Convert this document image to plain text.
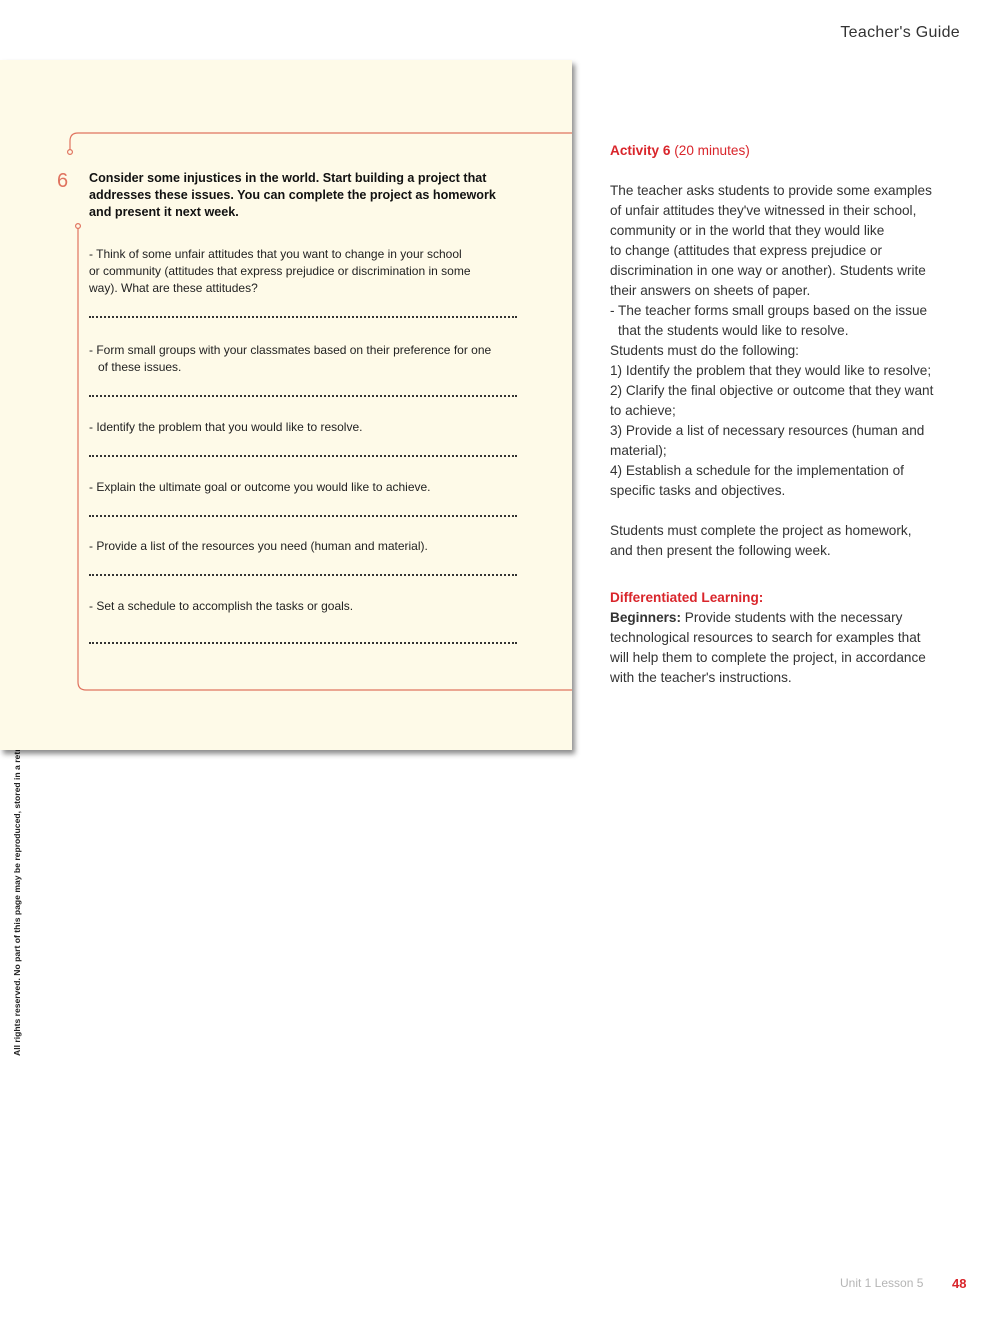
Teacher's Guide
6 Consider some injustices in the world. Start building a project that addresses these issues. You can complete the project as homework and present it next week.
- Think of some unfair attitudes that you want to change in your school
or community (attitudes that express prejudice or discrimination in some
way). What are these attitudes?
- Form small groups with your classmates based on their preference for one
of these issues.
- Identify the problem that you would like to resolve.
- Explain the ultimate goal or outcome you would like to achieve.
- Provide a list of the resources you need (human and material).
- Set a schedule to accomplish the tasks or goals.

Activity 6 (20 minutes)

The teacher asks students to provide some examples

of unfair attitudes they've witnessed in their school,

community or in the world that they would like

to change (attitudes that express prejudice or

discrimination in one way or another). Students write

their answers on sheets of paper.

- The teacher forms small groups based on the issue

that the students would like to resolve.

Students must do the following:

1) Identify the problem that they would like to resolve;

2) Clarify the final objective or outcome that they want

to achieve;

3) Provide a list of necessary resources (human and

material);

4) Establish a schedule for the implementation of

specific tasks and objectives.

Students must complete the project as homework,

and then present the following week.

Differentiated Learning:

Beginners: Provide students with the necessary

technological resources to search for examples that

will help them to complete the project, in accordance

with the teacher's instructions.

Unit 1 Lesson 5 48
